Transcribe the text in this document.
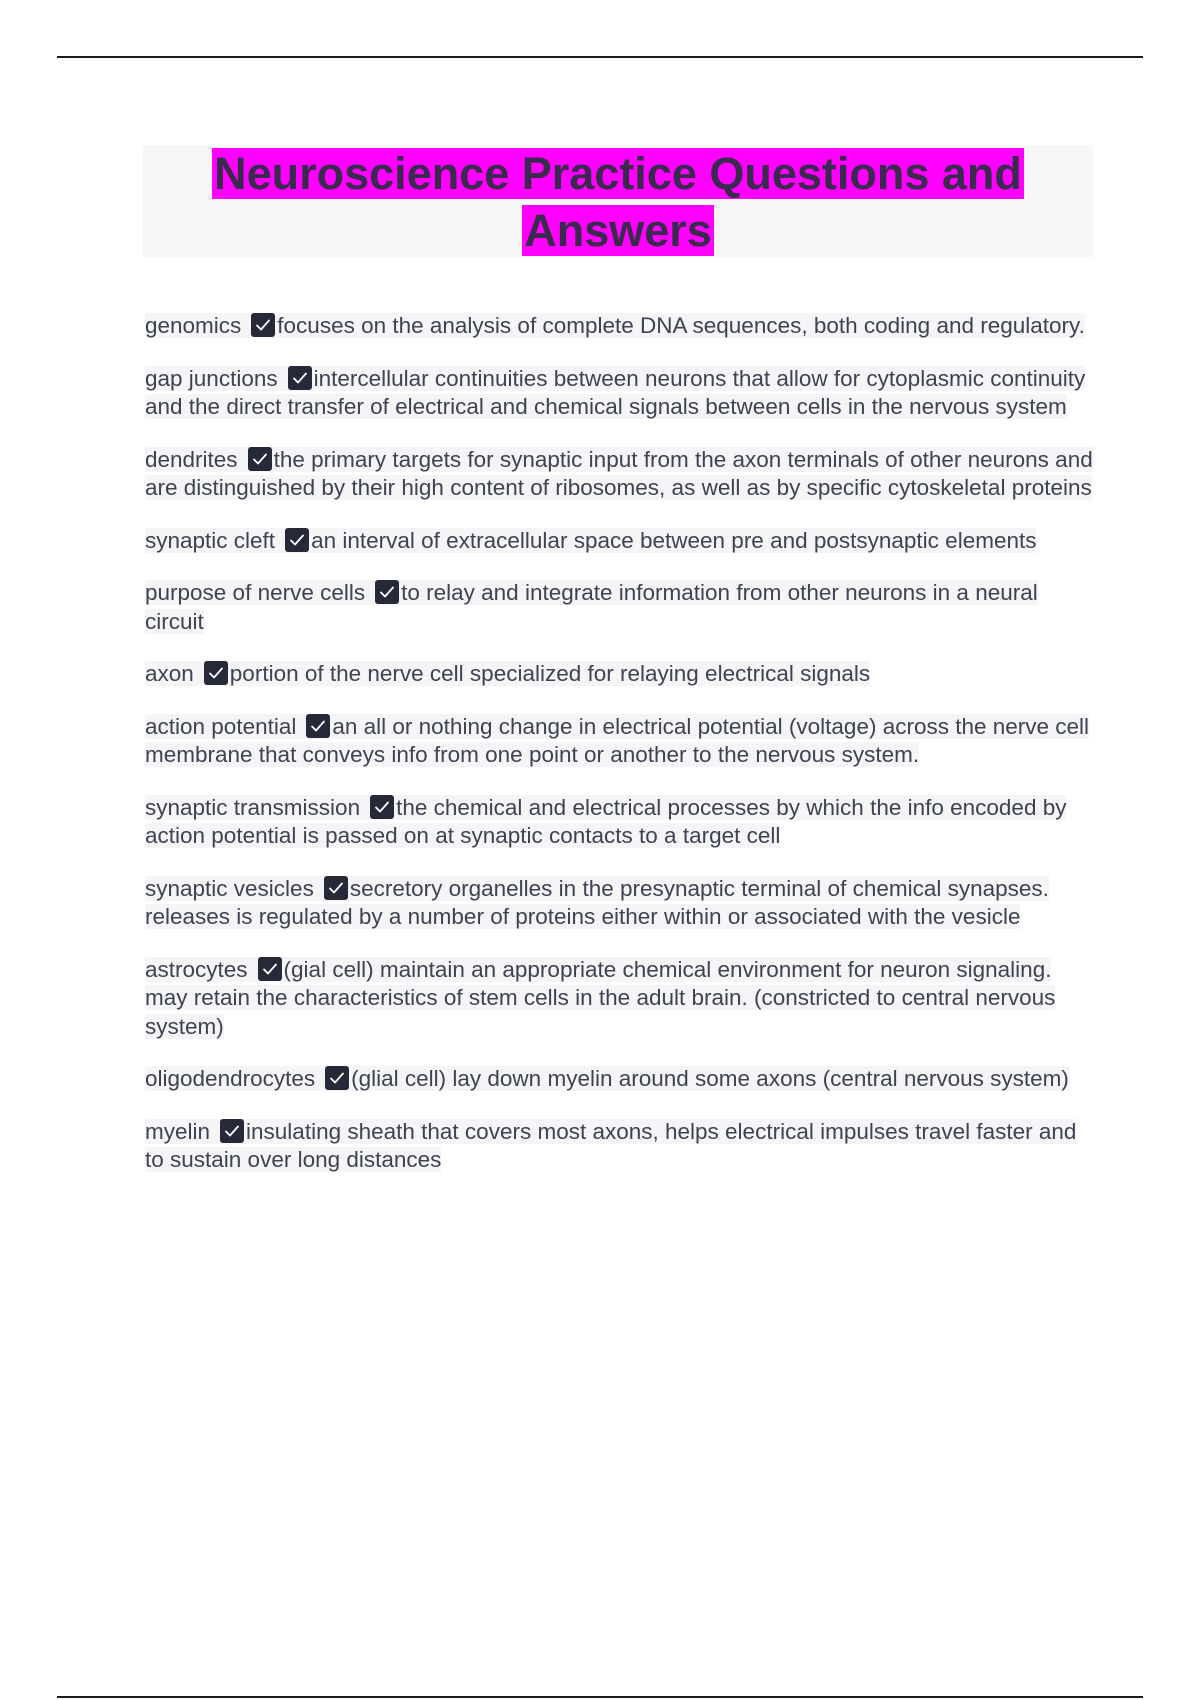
Neuroscience Practice Questions and Answers
genomics focuses on the analysis of complete DNA sequences, both coding and regulatory.
gap junctions intercellular continuities between neurons that allow for cytoplasmic continuity and the direct transfer of electrical and chemical signals between cells in the nervous system
dendrites the primary targets for synaptic input from the axon terminals of other neurons and are distinguished by their high content of ribosomes, as well as by specific cytoskeletal proteins
synaptic cleft an interval of extracellular space between pre and postsynaptic elements
purpose of nerve cells to relay and integrate information from other neurons in a neural circuit
axon portion of the nerve cell specialized for relaying electrical signals
action potential an all or nothing change in electrical potential (voltage) across the nerve cell membrane that conveys info from one point or another to the nervous system.
synaptic transmission the chemical and electrical processes by which the info encoded by action potential is passed on at synaptic contacts to a target cell
synaptic vesicles secretory organelles in the presynaptic terminal of chemical synapses. releases is regulated by a number of proteins either within or associated with the vesicle
astrocytes (gial cell) maintain an appropriate chemical environment for neuron signaling. may retain the characteristics of stem cells in the adult brain. (constricted to central nervous system)
oligodendrocytes (glial cell) lay down myelin around some axons (central nervous system)
myelin insulating sheath that covers most axons, helps electrical impulses travel faster and to sustain over long distances
